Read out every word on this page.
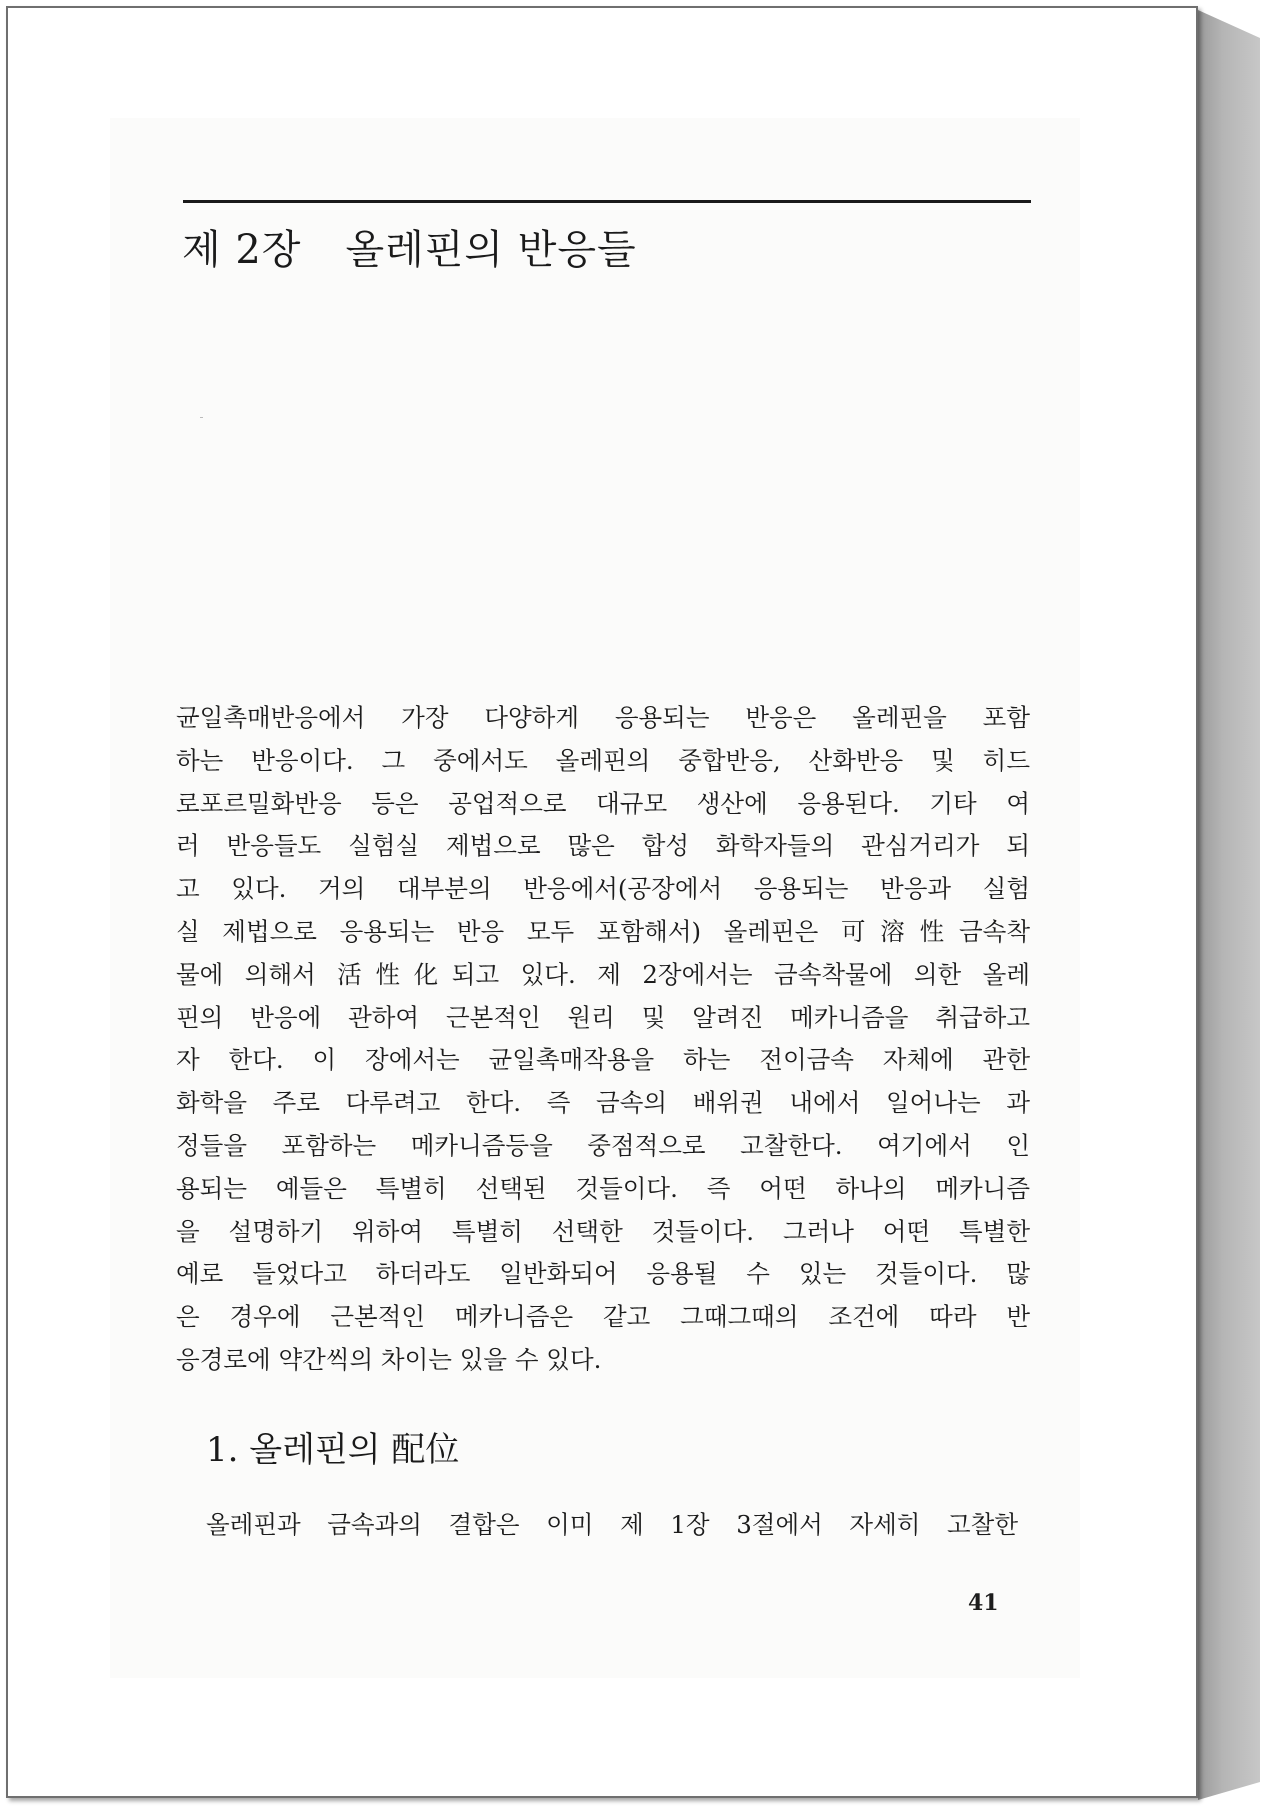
제 2장 올레핀의 반응들
균일촉매반응에서 가장 다양하게 응용되는 반응은 올레핀을 포함
하는 반응이다. 그 중에서도 올레핀의 중합반응, 산화반응 및 히드
로포르밀화반응 등은 공업적으로 대규모 생산에 응용된다. 기타 여
러 반응들도 실험실 제법으로 많은 합성 화학자들의 관심거리가 되
고 있다. 거의 대부분의 반응에서(공장에서 응용되는 반응과 실험
실 제법으로 응용되는 반응 모두 포함해서) 올레핀은 可溶性금속착
물에 의해서 活性化되고 있다. 제 2장에서는 금속착물에 의한 올레
핀의 반응에 관하여 근본적인 원리 및 알려진 메카니즘을 취급하고
자 한다. 이 장에서는 균일촉매작용을 하는 전이금속 자체에 관한
화학을 주로 다루려고 한다. 즉 금속의 배위권 내에서 일어나는 과
정들을 포함하는 메카니즘등을 중점적으로 고찰한다. 여기에서 인
용되는 예들은 특별히 선택된 것들이다. 즉 어떤 하나의 메카니즘
을 설명하기 위하여 특별히 선택한 것들이다. 그러나 어떤 특별한
예로 들었다고 하더라도 일반화되어 응용될 수 있는 것들이다. 많
은 경우에 근본적인 메카니즘은 같고 그때그때의 조건에 따라 반
응경로에 약간씩의 차이는 있을 수 있다.
1. 올레핀의 配位
올레핀과 금속과의 결합은 이미 제 1장 3절에서 자세히 고찰한
41
